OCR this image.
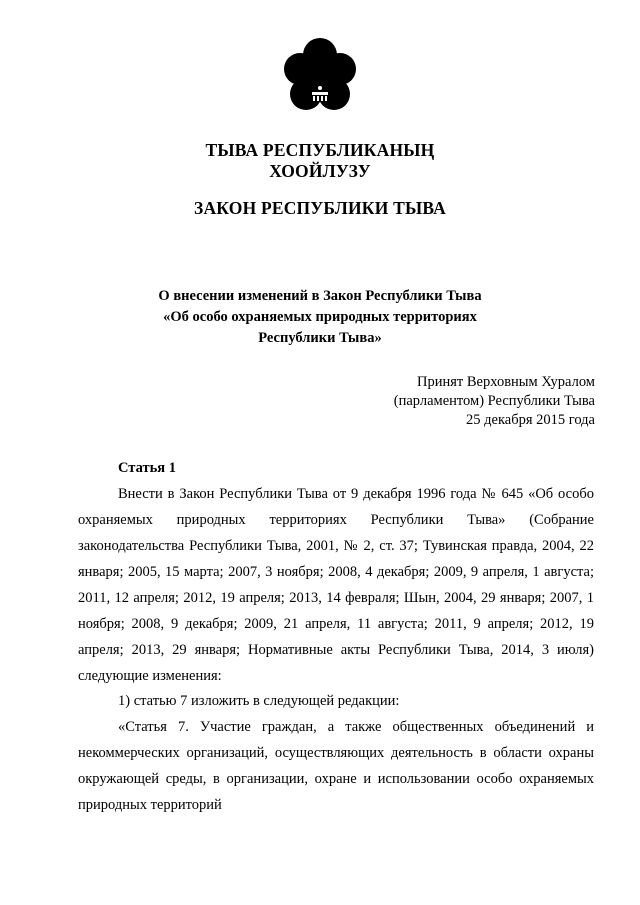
ТЫВА РЕСПУБЛИКАНЫҢ
ХООЙЛУЗУ
ЗАКОН РЕСПУБЛИКИ ТЫВА
О внесении изменений в Закон Республики Тыва
«Об особо охраняемых природных территориях
Республики Тыва»
Принят Верховным Хуралом
(парламентом) Республики Тыва
25 декабря 2015 года
Статья 1
Внести в Закон Республики Тыва от 9 декабря 1996 года № 645 «Об особо охраняемых природных территориях Республики Тыва» (Собрание законодательства Республики Тыва, 2001, № 2, ст. 37; Тувинская правда, 2004, 22 января; 2005, 15 марта; 2007, 3 ноября; 2008, 4 декабря; 2009, 9 апреля, 1 августа; 2011, 12 апреля; 2012, 19 апреля; 2013, 14 февраля; Шын, 2004, 29 января; 2007, 1 ноября; 2008, 9 декабря; 2009, 21 апреля, 11 августа; 2011, 9 апреля; 2012, 19 апреля; 2013, 29 января; Нормативные акты Республики Тыва, 2014, 3 июля) следующие изменения:
1) статью 7 изложить в следующей редакции:
«Статья 7. Участие граждан, а также общественных объединений и некоммерческих организаций, осуществляющих деятельность в области охраны окружающей среды, в организации, охране и использовании особо охраняемых природных территорий
